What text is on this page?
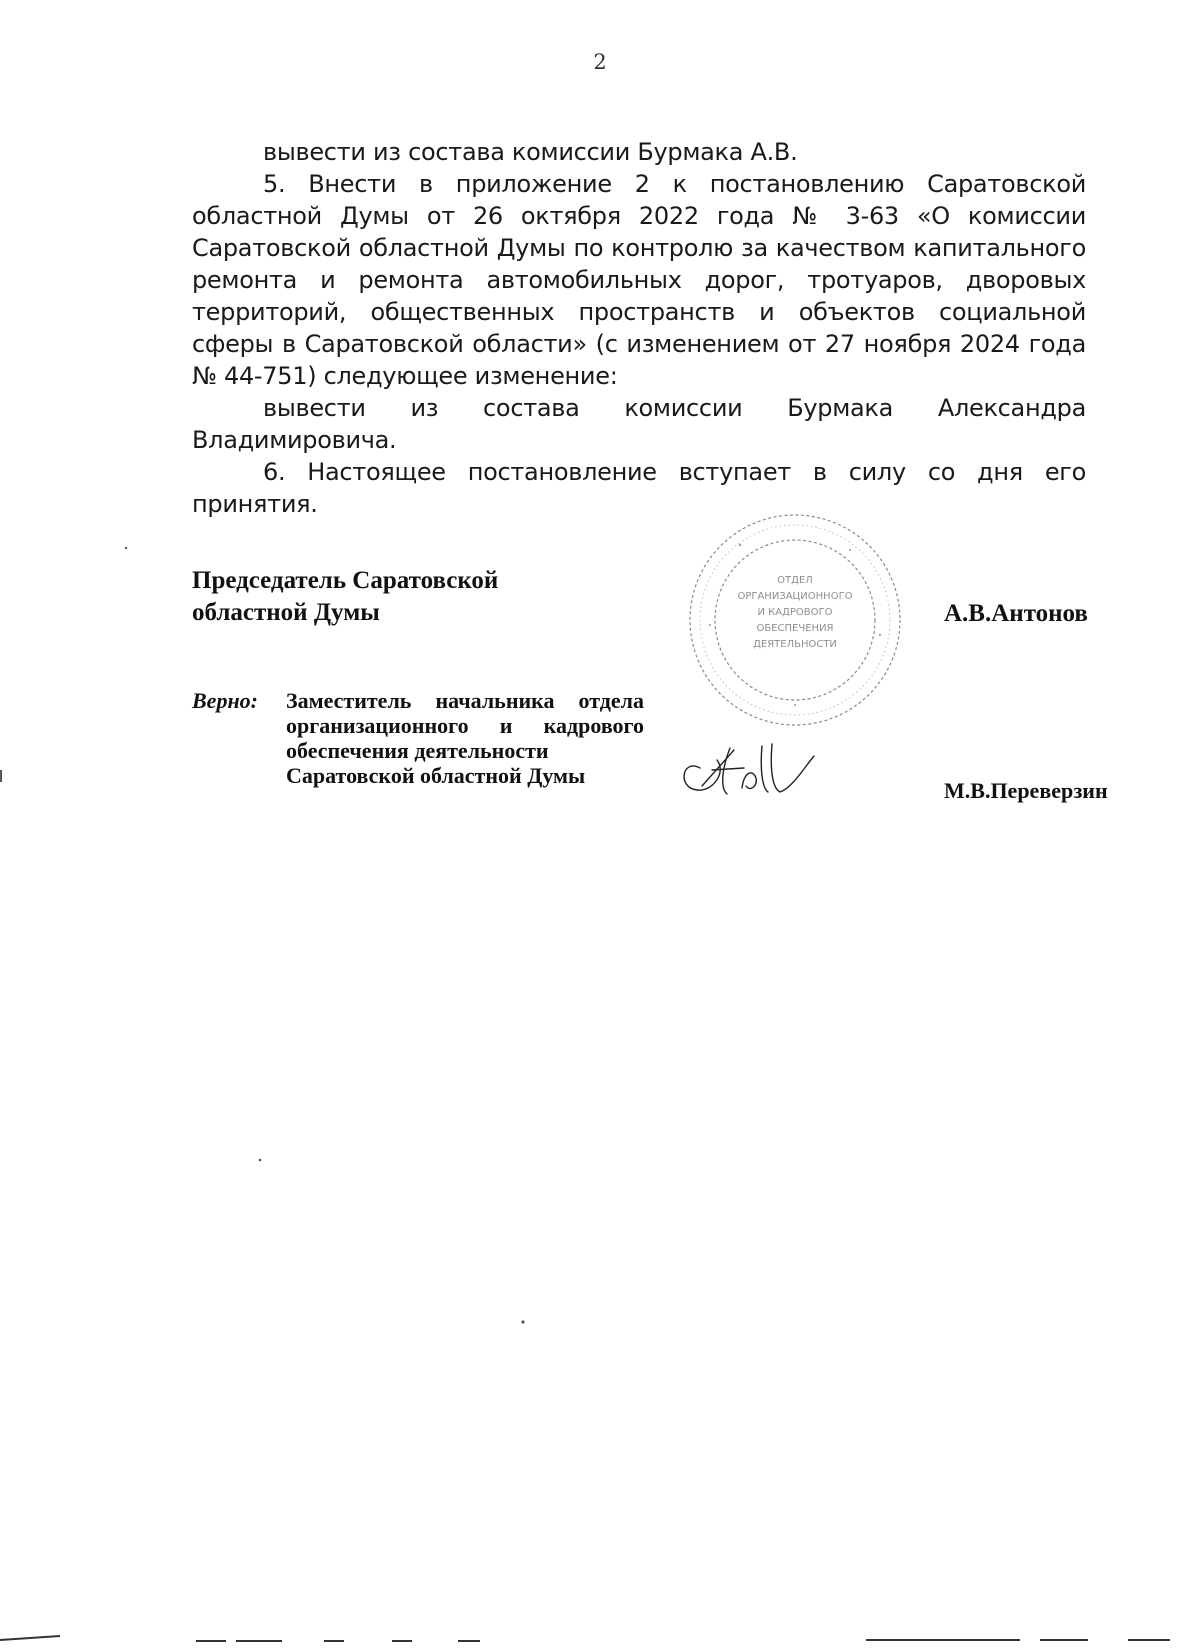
2

вывести из состава комиссии Бурмака А.В.

5. Внести в приложение 2 к постановлению Саратовской областной Думы от 26 октября 2022 года № 3-63 «О комиссии Саратовской областной Думы по контролю за качеством капитального ремонта и ремонта автомобильных дорог, тротуаров, дворовых территорий, общественных пространств и объектов социальной сферы в Саратовской области» (с изменением от 27 ноября 2024 года № 44-751) следующее изменение:

вывести из состава комиссии Бурмака Александра Владимировича.

6. Настоящее постановление вступает в силу со дня его принятия.

Председатель Саратовской
областной Думы	А.В.Антонов
ОТДЕЛ
ОРГАНИЗАЦИОННОГО
И КАДРОВОГО
ОБЕСПЕЧЕНИЯ
ДЕЯТЕЛЬНОСТИ
Верно: Заместитель начальника отдела
организационного и кадрового
обеспечения деятельности
Саратовской областной Думы
М.В.Переверзин
